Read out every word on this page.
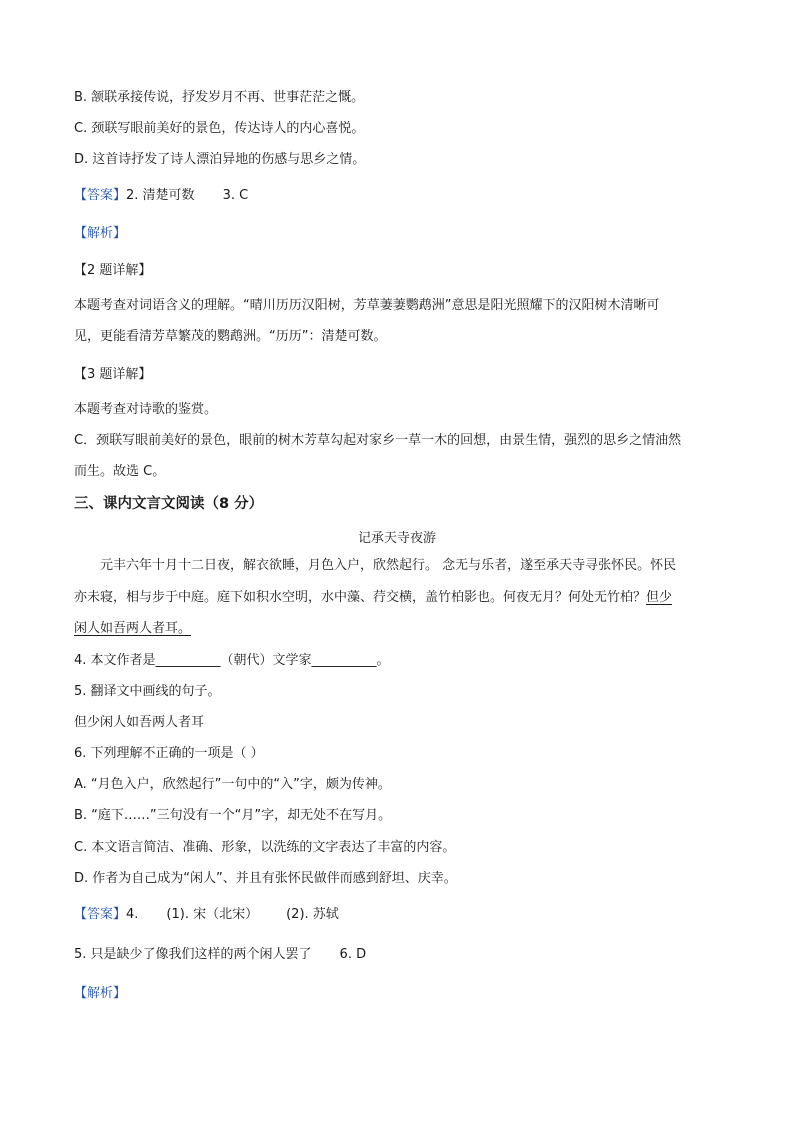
B. 颔联承接传说，抒发岁月不再、世事茫茫之慨。
C. 颈联写眼前美好的景色，传达诗人的内心喜悦。
D. 这首诗抒发了诗人漂泊异地的伤感与思乡之情。
【答案】2. 清楚可数 3. C
【解析】
【2 题详解】
本题考查对词语含义的理解。“晴川历历汉阳树，芳草萋萋鹦鹉洲”意思是阳光照耀下的汉阳树木清晰可
见，更能看清芳草繁茂的鹦鹉洲。“历历”：清楚可数。
【3 题详解】
本题考查对诗歌的鉴赏。
C．颈联写眼前美好的景色，眼前的树木芳草勾起对家乡一草一木的回想，由景生情，强烈的思乡之情油然
而生。故选 C。
三、课内文言文阅读（8 分）
记承天寺夜游
元丰六年十月十二日夜，解衣欲睡，月色入户，欣然起行。 念无与乐者，遂至承天寺寻张怀民。怀民
亦未寝，相与步于中庭。庭下如积水空明，水中藻、荇交横，盖竹柏影也。何夜无月？何处无竹柏？但少
闲人如吾两人者耳。
4. 本文作者是__________（朝代）文学家__________。
5. 翻译文中画线的句子。
但少闲人如吾两人者耳
6. 下列理解不正确的一项是（ ）
A. “月色入户，欣然起行”一句中的“入”字，颇为传神。
B. “庭下……”三句没有一个“月”字，却无处不在写月。
C. 本文语言简洁、准确、形象，以洗练的文字表达了丰富的内容。
D. 作者为自己成为“闲人”、并且有张怀民做伴而感到舒坦、庆幸。
【答案】4. (1). 宋（北宋） (2). 苏轼
5. 只是缺少了像我们这样的两个闲人罢了 6. D
【解析】
